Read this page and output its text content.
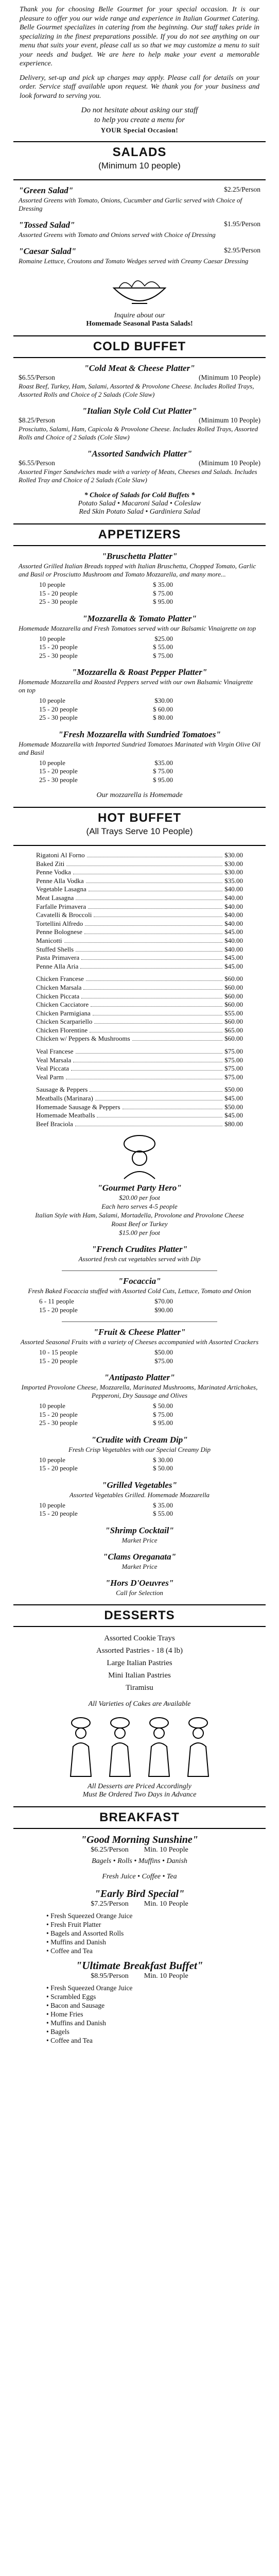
Thank you for choosing Belle Gourmet for your special occasion. It is our pleasure to offer you our wide range and experience in Italian Gourmet Catering. Belle Gourmet specializes in catering from the beginning. Our staff takes pride in specializing in the finest preparations possible. If you do not see anything on our menu that suits your event, please call us so that we may customize a menu to suit your needs and budget. We are here to help make your event a memorable experience.

Delivery, set-up and pick up charges may apply. Please call for details on your order. Service staff available upon request. We thank you for your business and look forward to serving you.

Do not hesitate about asking our staff
to help you create a menu for
YOUR Special Occasion!
SALADS
(Minimum 10 people)
"Green Salad"	$2.25/Person
Assorted Greens with Tomato, Onions, Cucumber and Garlic served with Choice of Dressing
"Tossed Salad"	$1.95/Person
Assorted Greens with Tomato and Onions served with Choice of Dressing
"Caesar Salad"	$2.95/Person
Romaine Lettuce, Croutons and Tomato Wedges served with Creamy Caesar Dressing
Inquire about our
Homemade Seasonal Pasta Salads!
COLD BUFFET
"Cold Meat & Cheese Platter"
$6.55/Person	(Minimum 10 People)
Roast Beef, Turkey, Ham, Salami, Assorted & Provolone Cheese. Includes Rolled Trays, Assorted Rolls and Choice of 2 Salads (Cole Slaw)
"Italian Style Cold Cut Platter"
$8.25/Person	(Minimum 10 People)
Prosciutto, Salami, Ham, Capicola & Provolone Cheese. Includes Rolled Trays, Assorted Rolls and Choice of 2 Salads (Cole Slaw)
"Assorted Sandwich Platter"
$6.55/Person	(Minimum 10 People)
Assorted Finger Sandwiches made with a variety of Meats, Cheeses and Salads. Includes Rolled Tray and Choice of 2 Salads (Cole Slaw)
* Choice of Salads for Cold Buffets *
Potato Salad • Macaroni Salad • Coleslaw
Red Skin Potato Salad • Gardiniera Salad
APPETIZERS
"Bruschetta Platter"
Assorted Grilled Italian Breads topped with Italian Bruschetta, Chopped Tomato, Garlic and Basil or Prosciutto Mushroom and Tomato Mozzarella, and many more...
10 people	$ 35.00
15 - 20 people	$ 75.00
25 - 30 people	$ 95.00
"Mozzarella & Tomato Platter"
Homemade Mozzarella and Fresh Tomatoes served with our Balsamic Vinaigrette on top
10 people	$25.00
15 - 20 people	$ 55.00
25 - 30 people	$ 75.00
"Mozzarella & Roast Pepper Platter"
Homemade Mozzarella and Roasted Peppers served with our own Balsamic Vinaigrette on top
10 people	$30.00
15 - 20 people	$ 60.00
25 - 30 people	$ 80.00
"Fresh Mozzarella with Sundried Tomatoes"
Homemade Mozzarella with Imported Sundried Tomatoes Marinated with Virgin Olive Oil and Basil
10 people	$35.00
15 - 20 people	$ 75.00
25 - 30 people	$ 95.00
Our mozzarella is Homemade
HOT BUFFET
(All Trays Serve 10 People)
Rigatoni Al Forno	$30.00
Baked Ziti	$30.00
Penne Vodka	$30.00
Penne Alla Vodka	$35.00
Vegetable Lasagna	$40.00
Meat Lasagna	$40.00
Farfalle Primavera	$40.00
Cavatelli & Broccoli	$40.00
Tortellini Alfredo	$40.00
Penne Bolognese	$45.00
Manicotti	$40.00
Stuffed Shells	$40.00
Pasta Primavera	$45.00
Penne Alla Aria	$45.00
Chicken Francese	$60.00
Chicken Marsala	$60.00
Chicken Piccata	$60.00
Chicken Cacciatore	$60.00
Chicken Parmigiana	$55.00
Chicken Scarpariello	$60.00
Chicken Florentine	$65.00
Chicken w/ Peppers & Mushrooms	$60.00
Veal Francese	$75.00
Veal Marsala	$75.00
Veal Piccata	$75.00
Veal Parm	$75.00
Sausage & Peppers	$50.00
Meatballs (Marinara)	$45.00
Homemade Sausage & Peppers	$50.00
Homemade Meatballs	$45.00
Beef Braciola	$80.00
"Gourmet Party Hero"
$20.00 per foot
Each hero serves 4-5 people
Italian Style with Ham, Salami, Mortadella, Provolone and Provolone Cheese
Roast Beef or Turkey
$15.00 per foot
"French Crudites Platter"
Assorted fresh cut vegetables served with Dip
"Focaccia"
Fresh Baked Focaccia stuffed with Assorted Cold Cuts, Lettuce, Tomato and Onion
6 - 11 people	$70.00
15 - 20 people	$90.00
"Fruit & Cheese Platter"
Assorted Seasonal Fruits with a variety of Cheeses accompanied with Assorted Crackers
10 - 15 people	$50.00
15 - 20 people	$75.00
"Antipasto Platter"
Imported Provolone Cheese, Mozzarella, Marinated Mushrooms, Marinated Artichokes, Pepperoni, Dry Sausage and Olives
10 people	$ 50.00
15 - 20 people	$ 75.00
25 - 30 people	$ 95.00
"Crudite with Cream Dip"
Fresh Crisp Vegetables with our Special Creamy Dip
10 people	$ 30.00
15 - 20 people	$ 50.00
"Grilled Vegetables"
Assorted Vegetables Grilled. Homemade Mozzarella
10 people	$ 35.00
15 - 20 people	$ 55.00
"Shrimp Cocktail"
Market Price
"Clams Oreganata"
Market Price
"Hors D'Oeuvres"
Call for Selection
DESSERTS
Assorted Cookie Trays
Assorted Pastries - 18 (4 lb)
Large Italian Pastries
Mini Italian Pastries
Tiramisu
All Varieties of Cakes are Available
All Desserts are Priced Accordingly
Must Be Ordered Two Days in Advance
BREAKFAST
"Good Morning Sunshine"
$6.25/Person Min. 10 People
Bagels • Rolls • Muffins • Danish
Fresh Juice • Coffee • Tea
"Early Bird Special"
$7.25/Person Min. 10 People
• Fresh Squeezed Orange Juice
• Fresh Fruit Platter
• Bagels and Assorted Rolls
• Muffins and Danish
• Coffee and Tea
"Ultimate Breakfast Buffet"
$8.95/Person Min. 10 People
• Fresh Squeezed Orange Juice
• Scrambled Eggs
• Bacon and Sausage
• Home Fries
• Muffins and Danish
• Bagels
• Coffee and Tea
